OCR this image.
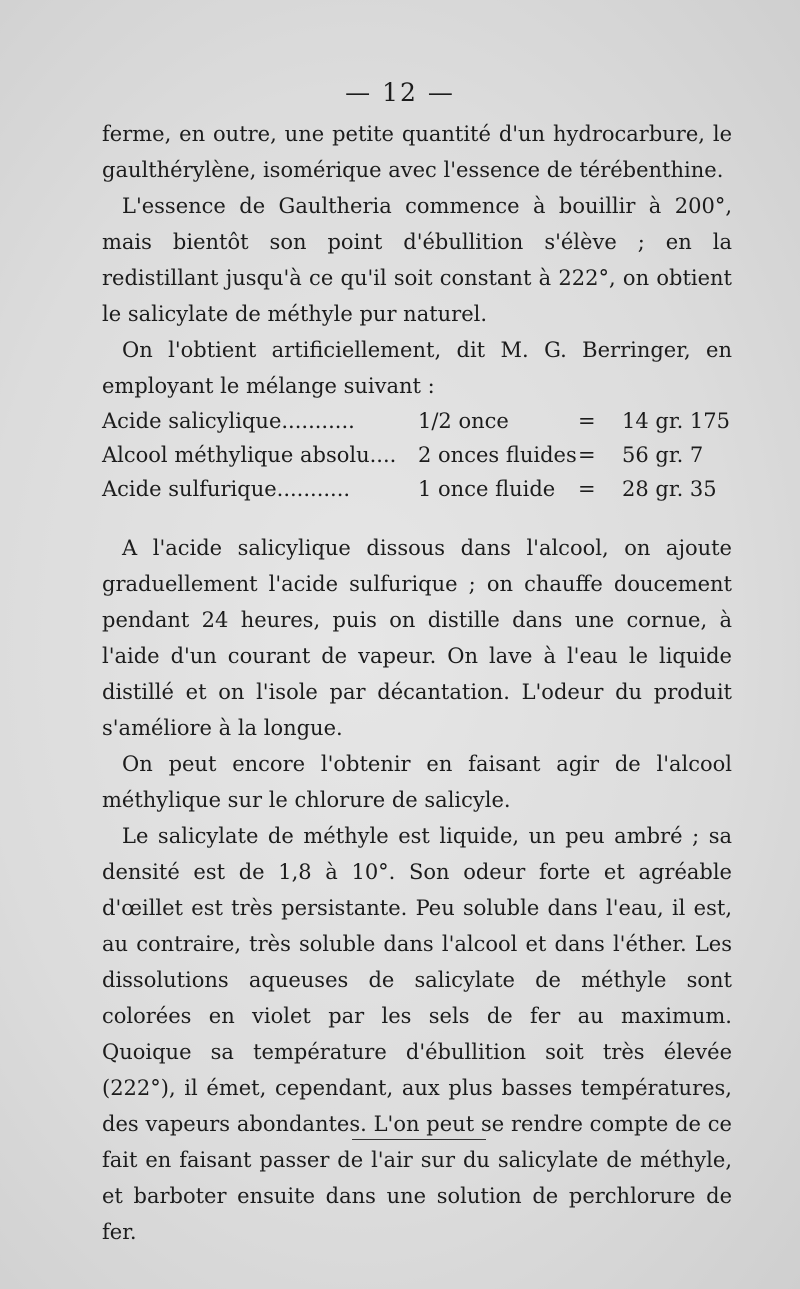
— 12 —

ferme, en outre, une petite quantité d'un hydrocarbure, le gaulthérylène, isomérique avec l'essence de térébenthine.

L'essence de Gaultheria commence à bouillir à 200°, mais bientôt son point d'ébullition s'élève ; en la redistillant jusqu'à ce qu'il soit constant à 222°, on obtient le salicylate de méthyle pur naturel.

On l'obtient artificiellement, dit M. G. Berringer, en employant le mélange suivant :

Acide salicylique...........	1/2 once	= 14 gr. 175
Alcool méthylique absolu.... 2 onces fluides = 56 gr. 7
Acide sulfurique...........	1 once fluide = 28 gr. 35

A l'acide salicylique dissous dans l'alcool, on ajoute graduellement l'acide sulfurique ; on chauffe doucement pendant 24 heures, puis on distille dans une cornue, à l'aide d'un courant de vapeur. On lave à l'eau le liquide distillé et on l'isole par décantation. L'odeur du produit s'améliore à la longue.

On peut encore l'obtenir en faisant agir de l'alcool méthylique sur le chlorure de salicyle.

Le salicylate de méthyle est liquide, un peu ambré ; sa densité est de 1,8 à 10°. Son odeur forte et agréable d'œillet est très persistante. Peu soluble dans l'eau, il est, au contraire, très soluble dans l'alcool et dans l'éther. Les dissolutions aqueuses de salicylate de méthyle sont colorées en violet par les sels de fer au maximum. Quoique sa température d'ébullition soit très élevée (222°), il émet, cependant, aux plus basses températures, des vapeurs abondantes. L'on peut se rendre compte de ce fait en faisant passer de l'air sur du salicylate de méthyle, et barboter ensuite dans une solution de perchlorure de fer.
